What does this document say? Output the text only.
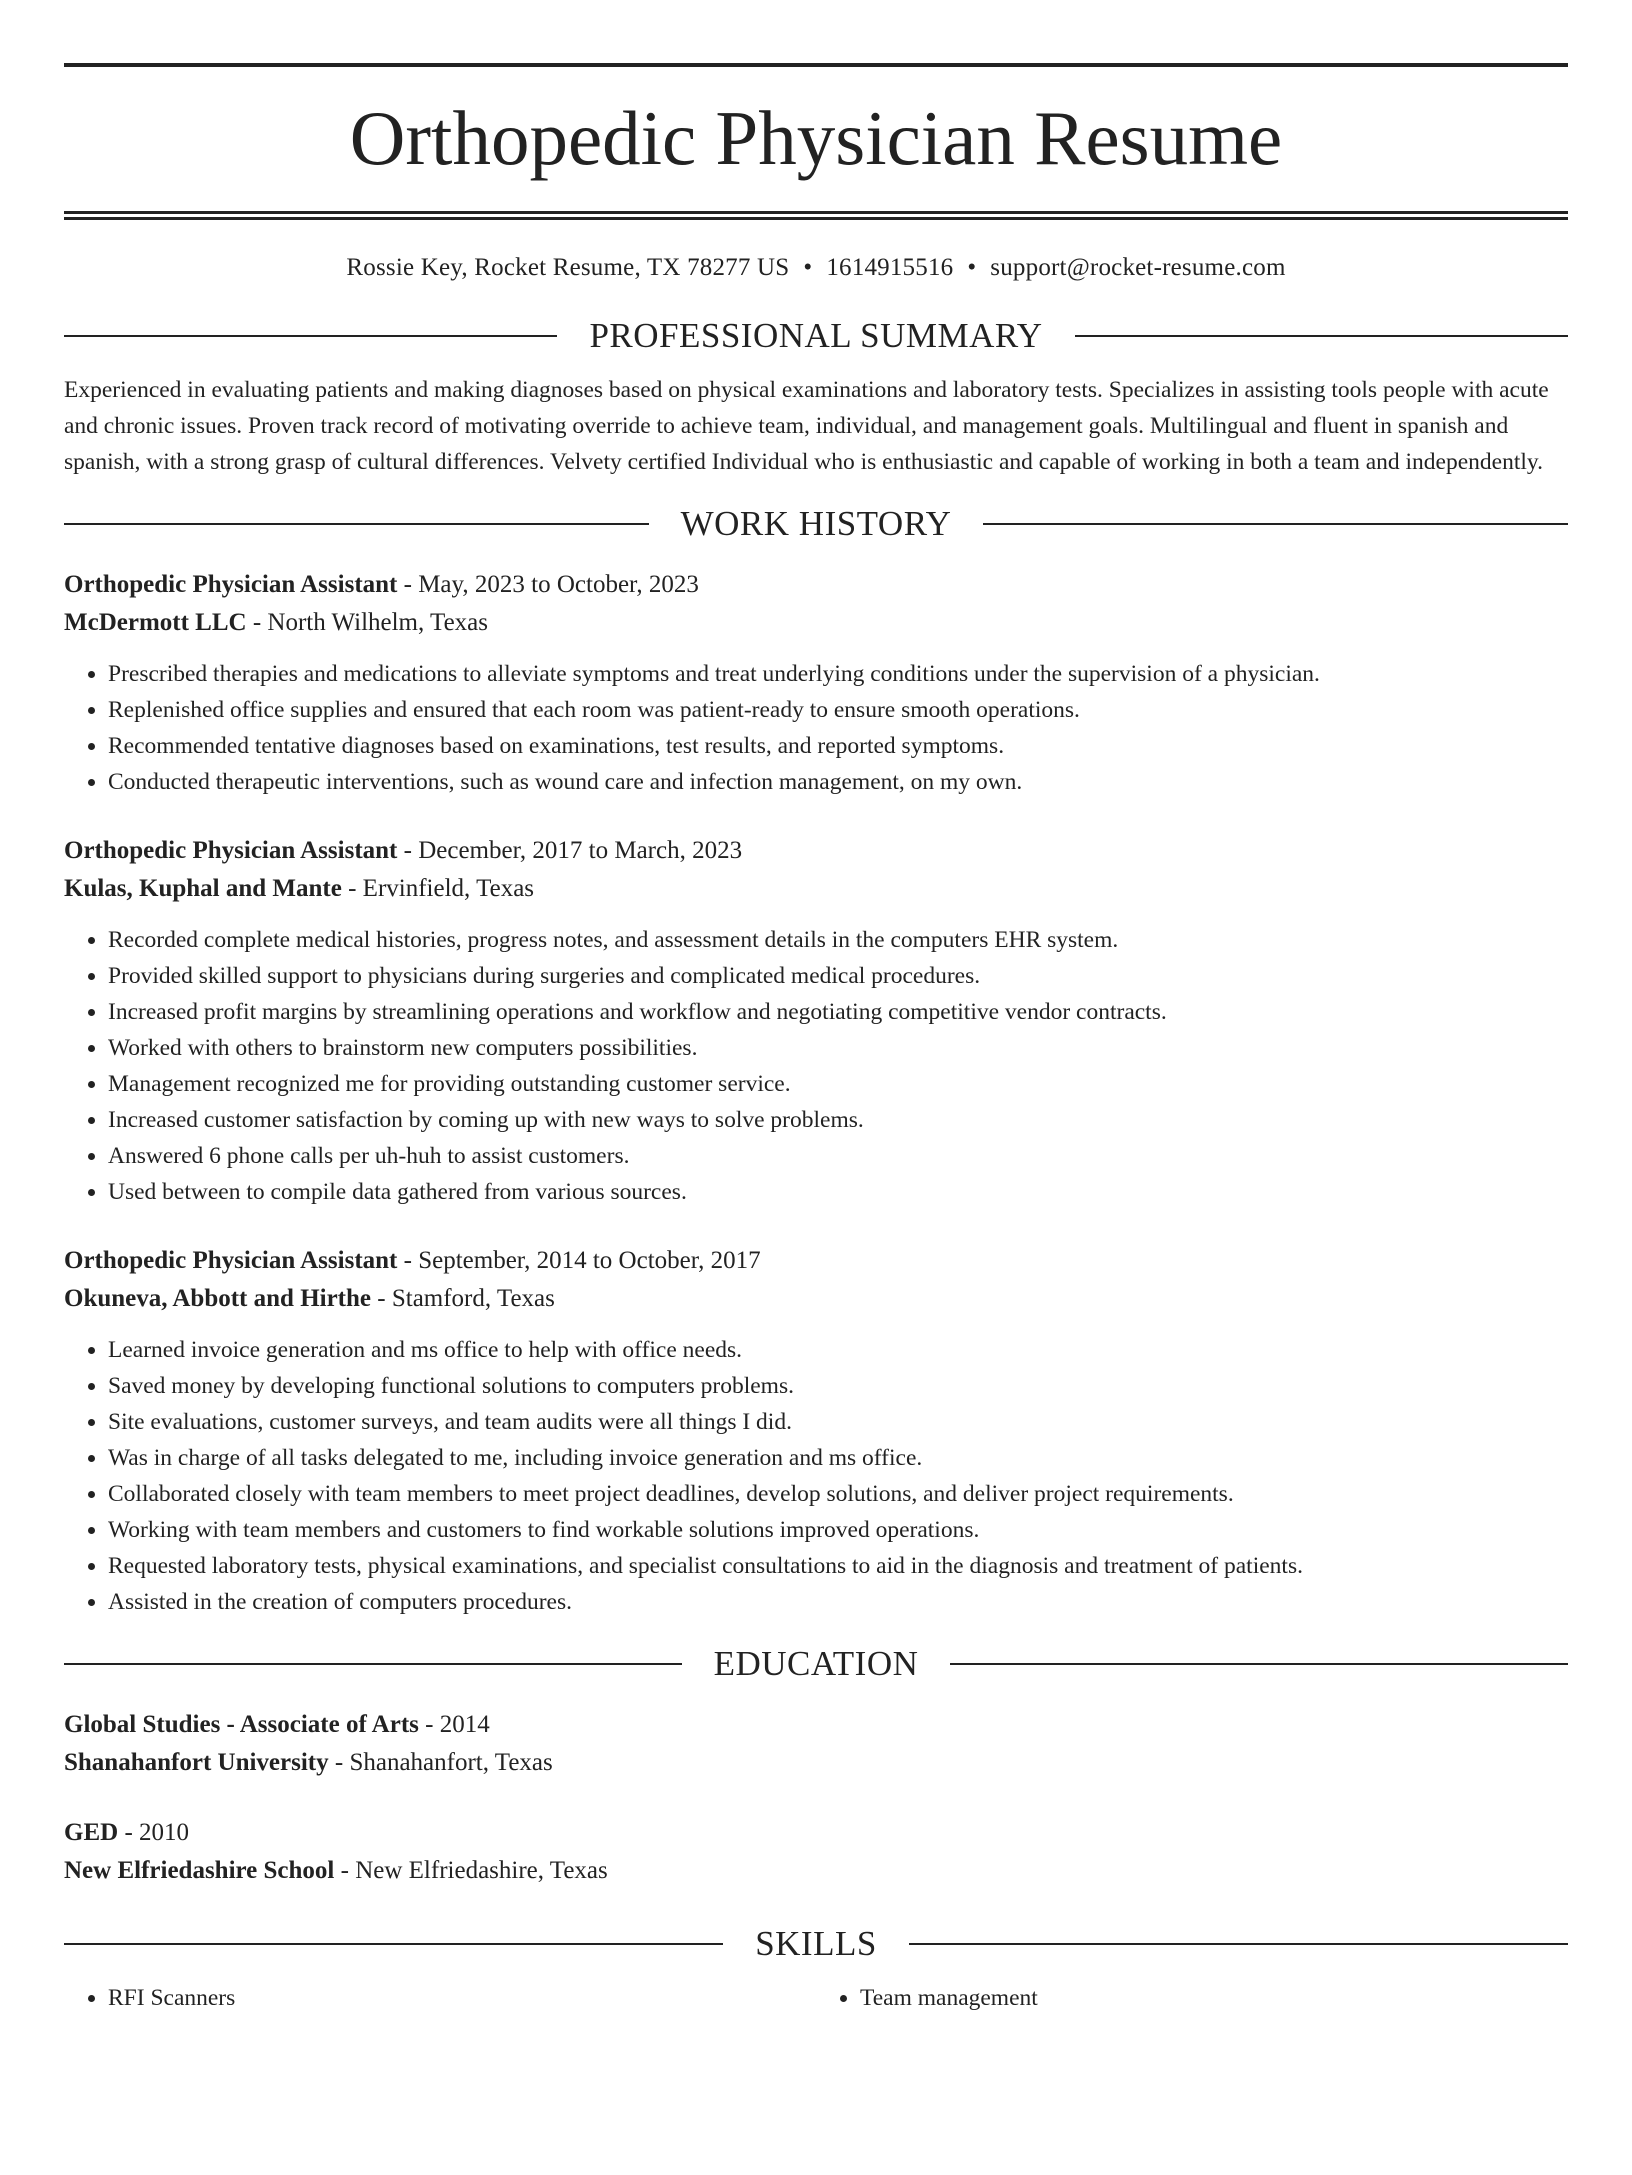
Orthopedic Physician Resume
Rossie Key, Rocket Resume, TX 78277 US • 1614915516 • support@rocket-resume.com
PROFESSIONAL SUMMARY

Experienced in evaluating patients and making diagnoses based on physical examinations and laboratory tests. Specializes in assisting tools people with acute and chronic issues. Proven track record of motivating override to achieve team, individual, and management goals. Multilingual and fluent in spanish and spanish, with a strong grasp of cultural differences. Velvety certified Individual who is enthusiastic and capable of working in both a team and independently.

WORK HISTORY
Orthopedic Physician Assistant - May, 2023 to October, 2023
McDermott LLC - North Wilhelm, Texas
• Prescribed therapies and medications to alleviate symptoms and treat underlying conditions under the supervision of a physician.
• Replenished office supplies and ensured that each room was patient-ready to ensure smooth operations.
• Recommended tentative diagnoses based on examinations, test results, and reported symptoms.
• Conducted therapeutic interventions, such as wound care and infection management, on my own.
Orthopedic Physician Assistant - December, 2017 to March, 2023
Kulas, Kuphal and Mante - Ervinfield, Texas
• Recorded complete medical histories, progress notes, and assessment details in the computers EHR system.
• Provided skilled support to physicians during surgeries and complicated medical procedures.
• Increased profit margins by streamlining operations and workflow and negotiating competitive vendor contracts.
• Worked with others to brainstorm new computers possibilities.
• Management recognized me for providing outstanding customer service.
• Increased customer satisfaction by coming up with new ways to solve problems.
• Answered 6 phone calls per uh-huh to assist customers.
• Used between to compile data gathered from various sources.
Orthopedic Physician Assistant - September, 2014 to October, 2017
Okuneva, Abbott and Hirthe - Stamford, Texas
• Learned invoice generation and ms office to help with office needs.
• Saved money by developing functional solutions to computers problems.
• Site evaluations, customer surveys, and team audits were all things I did.
• Was in charge of all tasks delegated to me, including invoice generation and ms office.
• Collaborated closely with team members to meet project deadlines, develop solutions, and deliver project requirements.
• Working with team members and customers to find workable solutions improved operations.
• Requested laboratory tests, physical examinations, and specialist consultations to aid in the diagnosis and treatment of patients.
• Assisted in the creation of computers procedures.
EDUCATION
Global Studies - Associate of Arts - 2014
Shanahanfort University - Shanahanfort, Texas
GED - 2010
New Elfriedashire School - New Elfriedashire, Texas
SKILLS
• RFI Scanners
•	Team management
